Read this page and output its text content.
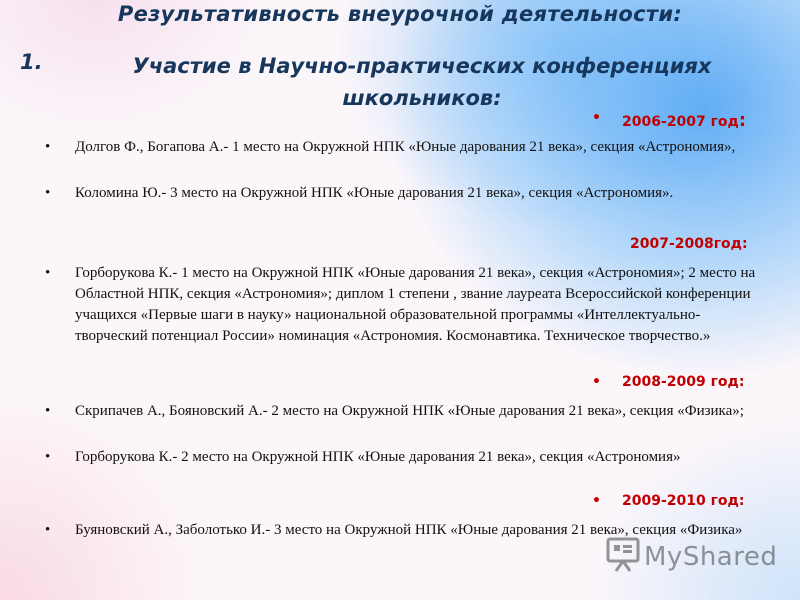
Результативность внеурочной деятельности:
1.	Участие в Научно-практических конференциях школьников:
• 2006-2007 год:
• Долгов Ф., Богапова А.- 1 место на Окружной НПК «Юные дарования 21 века», секция «Астрономия»,
• Коломина Ю.- 3 место на Окружной НПК «Юные дарования 21 века», секция «Астрономия».
2007-2008год:
• Горборукова К.- 1 место на Окружной НПК «Юные дарования 21 века», секция «Астрономия»; 2 место на Областной НПК, секция «Астрономия»; диплом 1 степени , звание лауреата Всероссийской конференции учащихся «Первые шаги в науку» национальной образовательной программы «Интеллектуально-творческий потенциал России» номинация «Астрономия. Космонавтика. Техническое творчество.»
• 2008-2009 год:
• Скрипачев А., Бояновский А.- 2 место на Окружной НПК «Юные дарования 21 века», секция «Физика»;
• Горборукова К.- 2 место на Окружной НПК «Юные дарования 21 века», секция «Астрономия»
• 2009-2010 год:
• Буяновский А., Заболотько И.- 3 место на Окружной НПК «Юные дарования 21 века», секция «Физика»
MyShared
